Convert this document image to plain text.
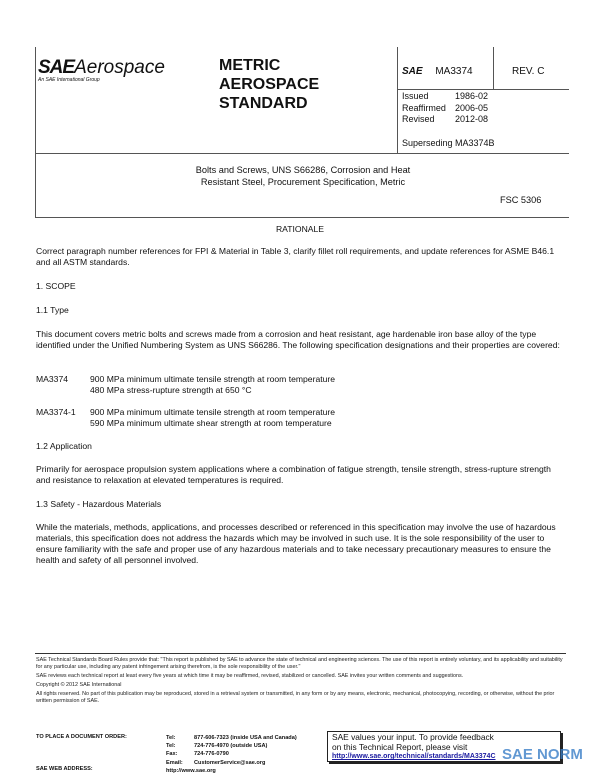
SAEAerospace
An SAE International Group
METRIC
AEROSPACE
STANDARD
SAE MA3374	REV. C
Issued	1986-02
Reaffirmed 2006-05
Revised 2012-08
Superseding MA3374B
Bolts and Screws, UNS S66286, Corrosion and Heat
Resistant Steel, Procurement Specification, Metric
FSC 5306
RATIONALE
Correct paragraph number references for FPI & Material in Table 3, clarify fillet roll requirements, and update references for ASME B46.1 and all ASTM standards.
1. SCOPE
1.1 Type
This document covers metric bolts and screws made from a corrosion and heat resistant, age hardenable iron base alloy of the type identified under the Unified Numbering System as UNS S66286. The following specification designations and their properties are covered:
MA3374	900 MPa minimum ultimate tensile strength at room temperature
480 MPa stress-rupture strength at 650 °C
MA3374-1 900 MPa minimum ultimate tensile strength at room temperature
590 MPa minimum ultimate shear strength at room temperature
1.2 Application
Primarily for aerospace propulsion system applications where a combination of fatigue strength, tensile strength, stress-rupture strength and resistance to relaxation at elevated temperatures is required.
1.3 Safety - Hazardous Materials
While the materials, methods, applications, and processes described or referenced in this specification may involve the use of hazardous materials, this specification does not address the hazards which may be involved in such use. It is the sole responsibility of the user to ensure familiarity with the safe and proper use of any hazardous materials and to take necessary precautionary measures to ensure the health and safety of all personnel involved.
SAE Technical Standards Board Rules provide that: "This report is published by SAE to advance the state of technical and engineering sciences. The use of this report is entirely voluntary, and its applicability and suitability for any particular use, including any patent infringement arising therefrom, is the sole responsibility of the user."
SAE reviews each technical report at least every five years at which time it may be reaffirmed, revised, stabilized or cancelled. SAE invites your written comments and suggestions.
Copyright © 2012 SAE International
All rights reserved. No part of this publication may be reproduced, stored in a retrieval system or transmitted, in any form or by any means, electronic, mechanical, photocopying, recording, or otherwise, without the prior written permission of SAE.
TO PLACE A DOCUMENT ORDER:
SAE WEB ADDRESS:
Tel:	877-606-7323 (inside USA and Canada)
Tel:	724-776-4970 (outside USA)
Fax:	724-776-0790
Email: CustomerService@sae.org
http://www.sae.org
SAE values your input. To provide feedback
on this Technical Report, please visit
http://www.sae.org/technical/standards/MA3374C SAE NORM
